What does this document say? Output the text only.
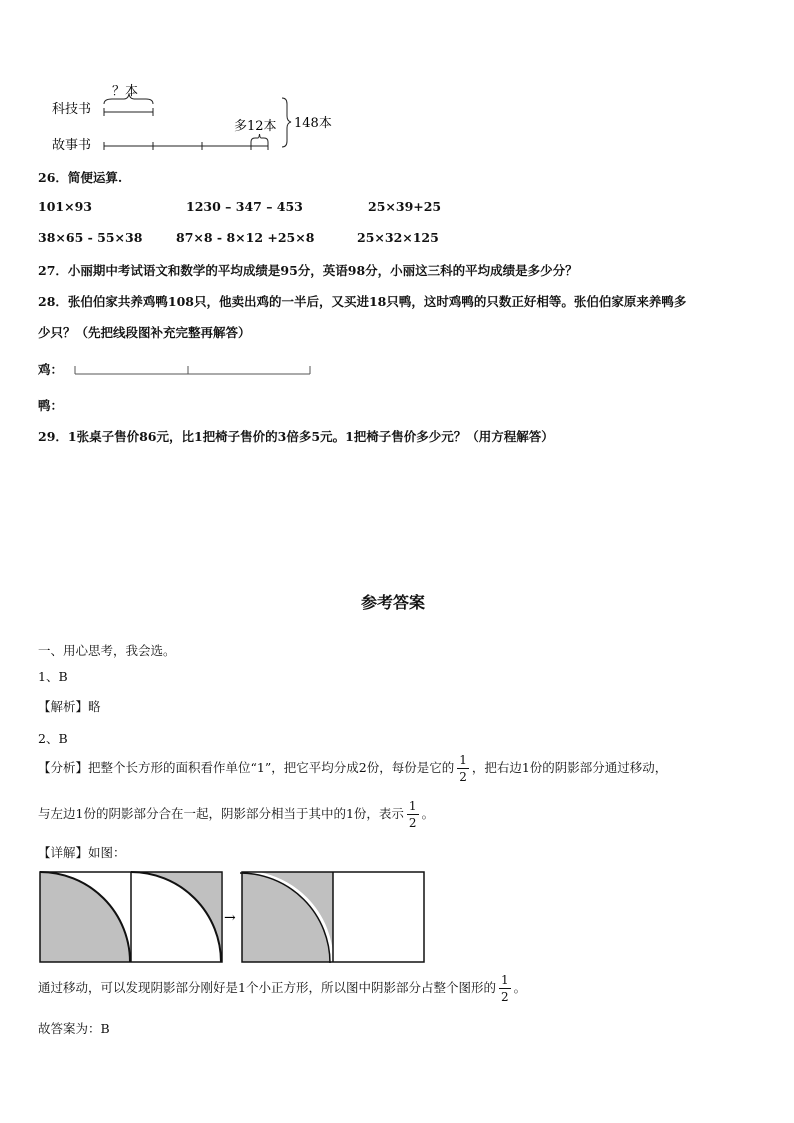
科技书
故事书
？本
多12本 148本
26．简便运算.
101×93	1230 – 347 – 453	25×39+25
38×65 - 55×38	87×8 - 8×12 +25×8	25×32×125
27．小丽期中考试语文和数学的平均成绩是95分，英语98分，小丽这三科的平均成绩是多少分？
28．张伯伯家共养鸡鸭108只，他卖出鸡的一半后，又买进18只鸭，这时鸡鸭的只数正好相等。张伯伯家原来养鸭多
少只？（先把线段图补充完整再解答）
鸡：
鸭：
29．1张桌子售价86元，比1把椅子售价的3倍多5元。1把椅子售价多少元？（用方程解答）
参考答案
一、用心思考，我会选。
1、B
【解析】略
2、B
【分析】把整个长方形的面积看作单位“1”，把它平均分成2份，每份是它的 $\frac{1}{2}$ ，把右边1份的阴影部分通过移动，
与左边1份的阴影部分合在一起，阴影部分相当于其中的1份，表示 $\frac{1}{2}$ 。
【详解】如图：
→
通过移动，可以发现阴影部分刚好是1个小正方形，所以图中阴影部分占整个图形的 $\frac{1}{2}$ 。
故答案为：B
